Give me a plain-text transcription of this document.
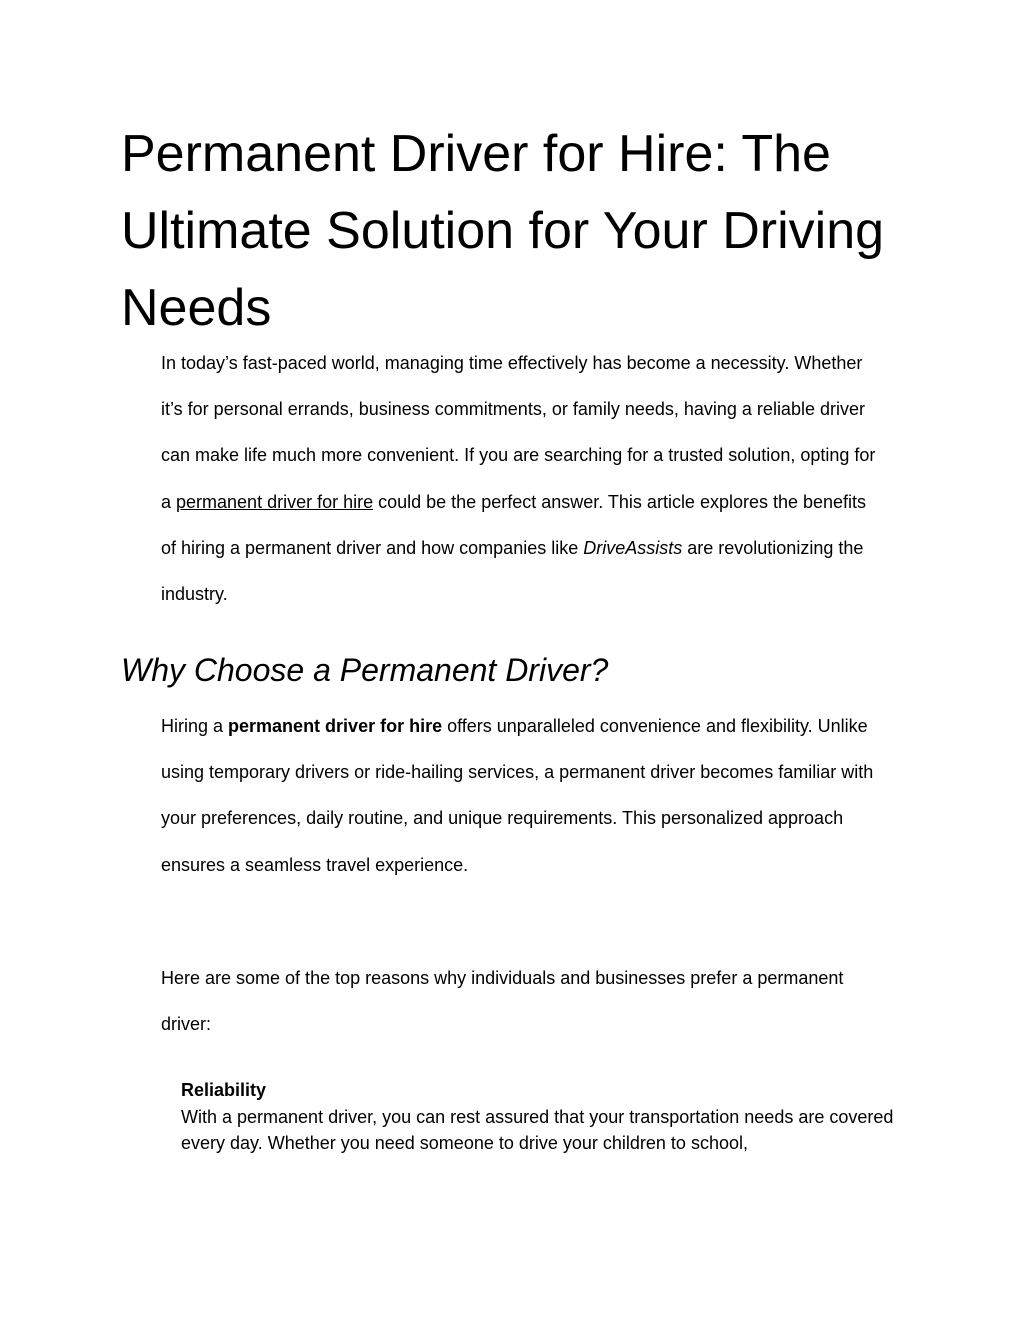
Permanent Driver for Hire: The Ultimate Solution for Your Driving Needs

In today’s fast-paced world, managing time effectively has become a necessity. Whether it’s for personal errands, business commitments, or family needs, having a reliable driver can make life much more convenient. If you are searching for a trusted solution, opting for a permanent driver for hire could be the perfect answer. This article explores the benefits of hiring a permanent driver and how companies like DriveAssists are revolutionizing the industry.

Why Choose a Permanent Driver?

Hiring a permanent driver for hire offers unparalleled convenience and flexibility. Unlike using temporary drivers or ride-hailing services, a permanent driver becomes familiar with your preferences, daily routine, and unique requirements. This personalized approach ensures a seamless travel experience.

Here are some of the top reasons why individuals and businesses prefer a permanent driver:

Reliability
With a permanent driver, you can rest assured that your transportation needs are covered every day. Whether you need someone to drive your children to school,
